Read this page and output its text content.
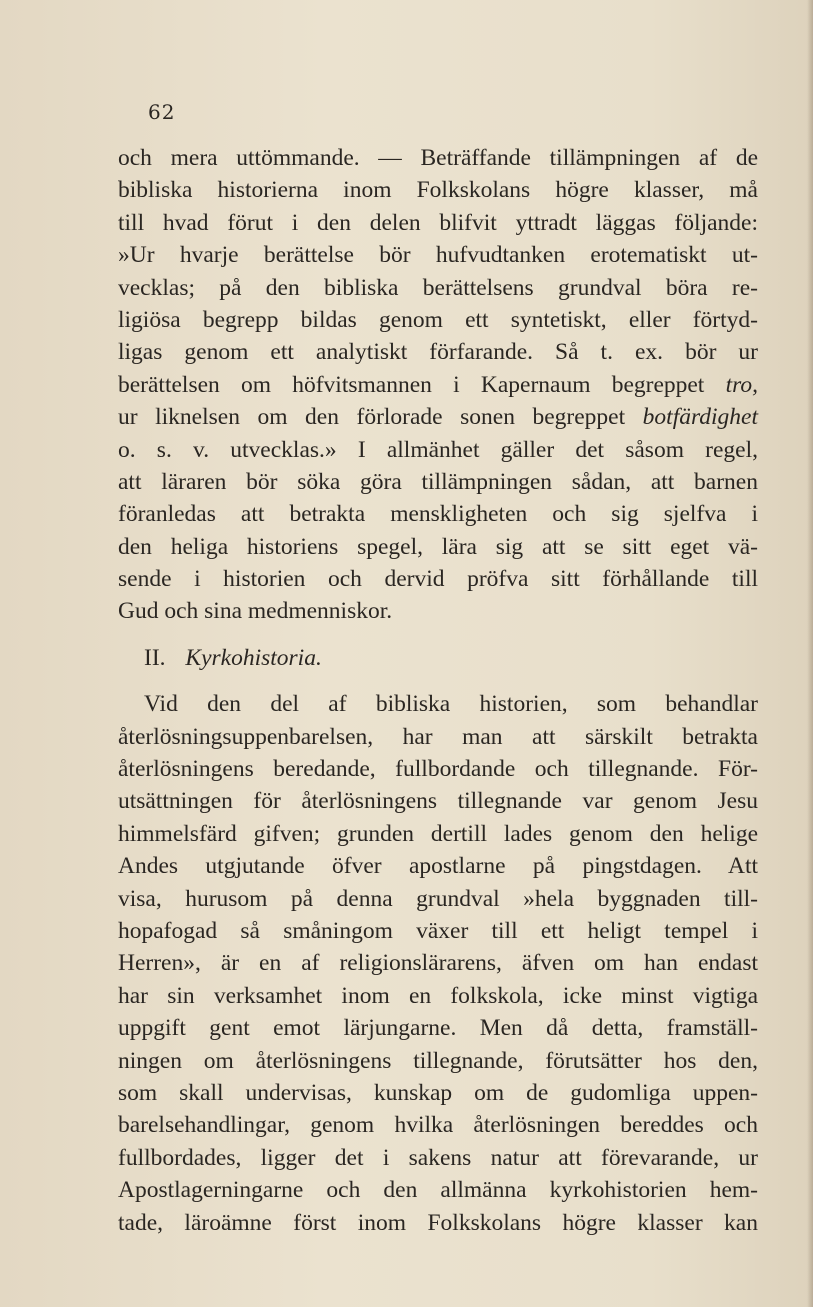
62
och mera uttömmande. — Beträffande tillämpningen af de
bibliska historierna inom Folkskolans högre klasser, må
till hvad förut i den delen blifvit yttradt läggas följande:
»Ur hvarje berättelse bör hufvudtanken erotematiskt ut-
vecklas; på den bibliska berättelsens grundval böra re-
ligiösa begrepp bildas genom ett syntetiskt, eller förtyd-
ligas genom ett analytiskt förfarande. Så t. ex. bör ur
berättelsen om höfvitsmannen i Kapernaum begreppet tro,
ur liknelsen om den förlorade sonen begreppet botfärdighet
o. s. v. utvecklas.» I allmänhet gäller det såsom regel,
att läraren bör söka göra tillämpningen sådan, att barnen
föranledas att betrakta menskligheten och sig sjelfva i
den heliga historiens spegel, lära sig att se sitt eget vä-
sende i historien och dervid pröfva sitt förhållande till
Gud och sina medmenniskor.
II. Kyrkohistoria.
Vid den del af bibliska historien, som behandlar
återlösningsuppenbarelsen, har man att särskilt betrakta
återlösningens beredande, fullbordande och tillegnande. För-
utsättningen för återlösningens tillegnande var genom Jesu
himmelsfärd gifven; grunden dertill lades genom den helige
Andes utgjutande öfver apostlarne på pingstdagen. Att
visa, hurusom på denna grundval »hela byggnaden till-
hopafogad så småningom växer till ett heligt tempel i
Herren», är en af religionslärarens, äfven om han endast
har sin verksamhet inom en folkskola, icke minst vigtiga
uppgift gent emot lärjungarne. Men då detta, framställ-
ningen om återlösningens tillegnande, förutsätter hos den,
som skall undervisas, kunskap om de gudomliga uppen-
barelsehandlingar, genom hvilka återlösningen bereddes och
fullbordades, ligger det i sakens natur att förevarande, ur
Apostlagerningarne och den allmänna kyrkohistorien hem-
tade, läroämne först inom Folkskolans högre klasser kan
